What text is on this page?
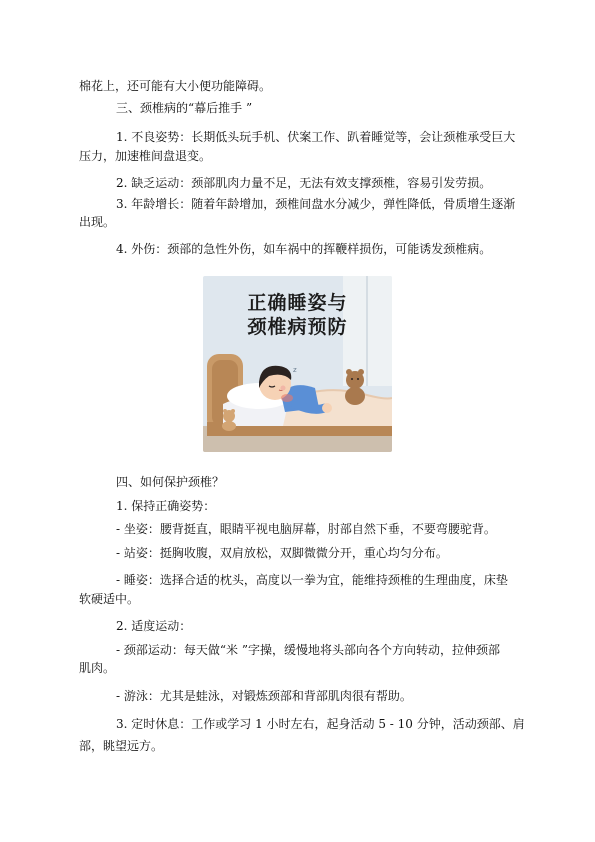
棉花上，还可能有大小便功能障碍。
三、颈椎病的“幕后推手 ”
1. 不良姿势：长期低头玩手机、伏案工作、趴着睡觉等，会让颈椎承受巨大
压力，加速椎间盘退变。
2. 缺乏运动：颈部肌肉力量不足，无法有效支撑颈椎，容易引发劳损。
3. 年龄增长：随着年龄增加，颈椎间盘水分减少，弹性降低，骨质增生逐渐
出现。
4. 外伤：颈部的急性外伤，如车祸中的挥鞭样损伤，可能诱发颈椎病。
z
正确睡姿与
颈椎病预防
四、如何保护颈椎？
1. 保持正确姿势：
- 坐姿：腰背挺直，眼睛平视电脑屏幕，肘部自然下垂，不要弯腰驼背。
- 站姿：挺胸收腹，双肩放松，双脚微微分开，重心均匀分布。
- 睡姿：选择合适的枕头，高度以一拳为宜，能维持颈椎的生理曲度，床垫
软硬适中。
2. 适度运动：
- 颈部运动：每天做“米 ”字操，缓慢地将头部向各个方向转动，拉伸颈部
肌肉。
- 游泳：尤其是蛙泳，对锻炼颈部和背部肌肉很有帮助。
3. 定时休息：工作或学习 1 小时左右，起身活动 5 - 10 分钟，活动颈部、肩
部，眺望远方。
